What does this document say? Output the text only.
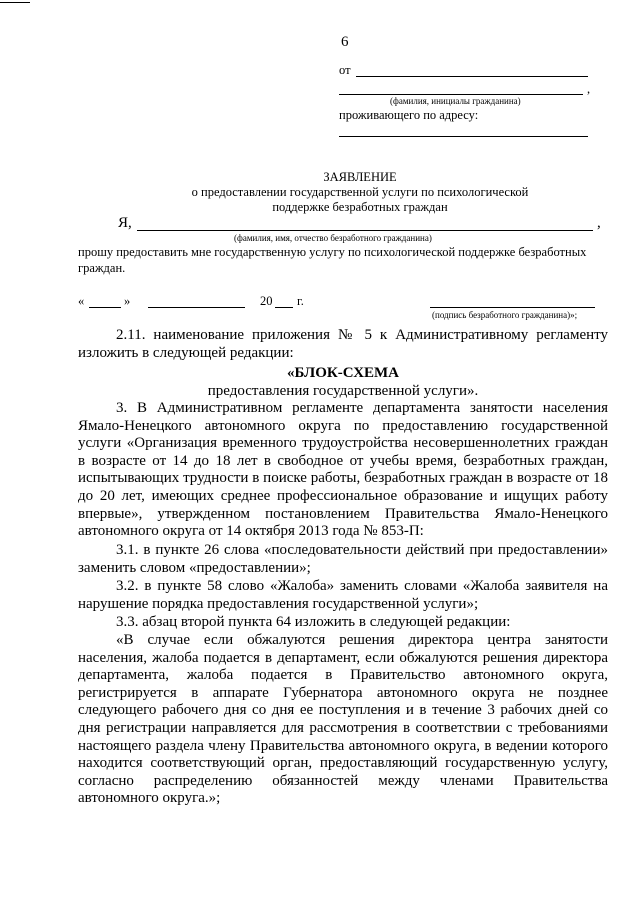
6
от
,
(фамилия, инициалы гражданина)
проживающего по адресу:
ЗАЯВЛЕНИЕ
о предоставлении государственной услуги по психологической
поддержке безработных граждан
Я,	,
(фамилия, имя, отчество безработного гражданина)
прошу предоставить мне государственную услугу по психологической поддержке безработных
граждан.
«	»	20 г.
(подпись безработного гражданина)»;
2.11. наименование приложения № 5 к Административному регламенту изложить в следующей редакции:
«БЛОК-СХЕМА
предоставления государственной услуги».
3. В Административном регламенте департамента занятости населения Ямало-Ненецкого автономного округа по предоставлению государственной услуги «Организация временного трудоустройства несовершеннолетних граждан в возрасте от 14 до 18 лет в свободное от учебы время, безработных граждан, испытывающих трудности в поиске работы, безработных граждан в возрасте от 18 до 20 лет, имеющих среднее профессиональное образование и ищущих работу впервые», утвержденном постановлением Правительства Ямало-Ненецкого автономного округа от 14 октября 2013 года № 853-П:
3.1. в пункте 26 слова «последовательности действий при предоставлении» заменить словом «предоставлении»;
3.2. в пункте 58 слово «Жалоба» заменить словами «Жалоба заявителя на нарушение порядка предоставления государственной услуги»;
3.3. абзац второй пункта 64 изложить в следующей редакции:
«В случае если обжалуются решения директора центра занятости населения, жалоба подается в департамент, если обжалуются решения директора департамента, жалоба подается в Правительство автономного округа, регистрируется в аппарате Губернатора автономного округа не позднее следующего рабочего дня со дня ее поступления и в течение 3 рабочих дней со дня регистрации направляется для рассмотрения в соответствии с требованиями настоящего раздела члену Правительства автономного округа, в ведении которого находится соответствующий орган, предоставляющий государственную услугу, согласно распределению обязанностей между членами Правительства автономного округа.»;
